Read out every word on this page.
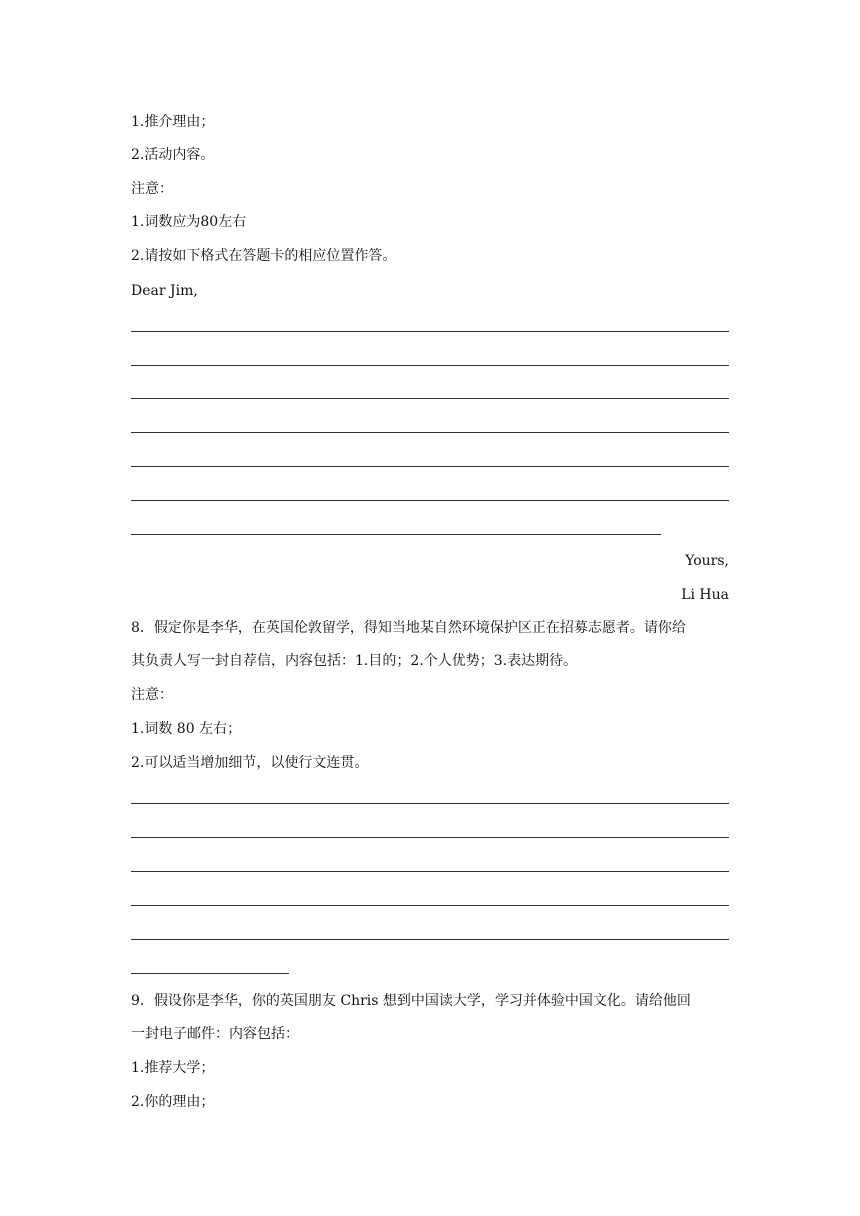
1.推介理由；
2.活动内容。
注意：
1.词数应为80左右
2.请按如下格式在答题卡的相应位置作答。
Dear Jim,
Yours,
Li Hua
8．假定你是李华，在英国伦敦留学，得知当地某自然环境保护区正在招募志愿者。请你给
其负责人写一封自荐信，内容包括：1.目的；2.个人优势；3.表达期待。
注意：
1.词数 80 左右；
2.可以适当增加细节，以使行文连贯。
9．假设你是李华，你的英国朋友 Chris 想到中国读大学，学习并体验中国文化。请给他回
一封电子邮件：内容包括：
1.推荐大学；
2.你的理由；
